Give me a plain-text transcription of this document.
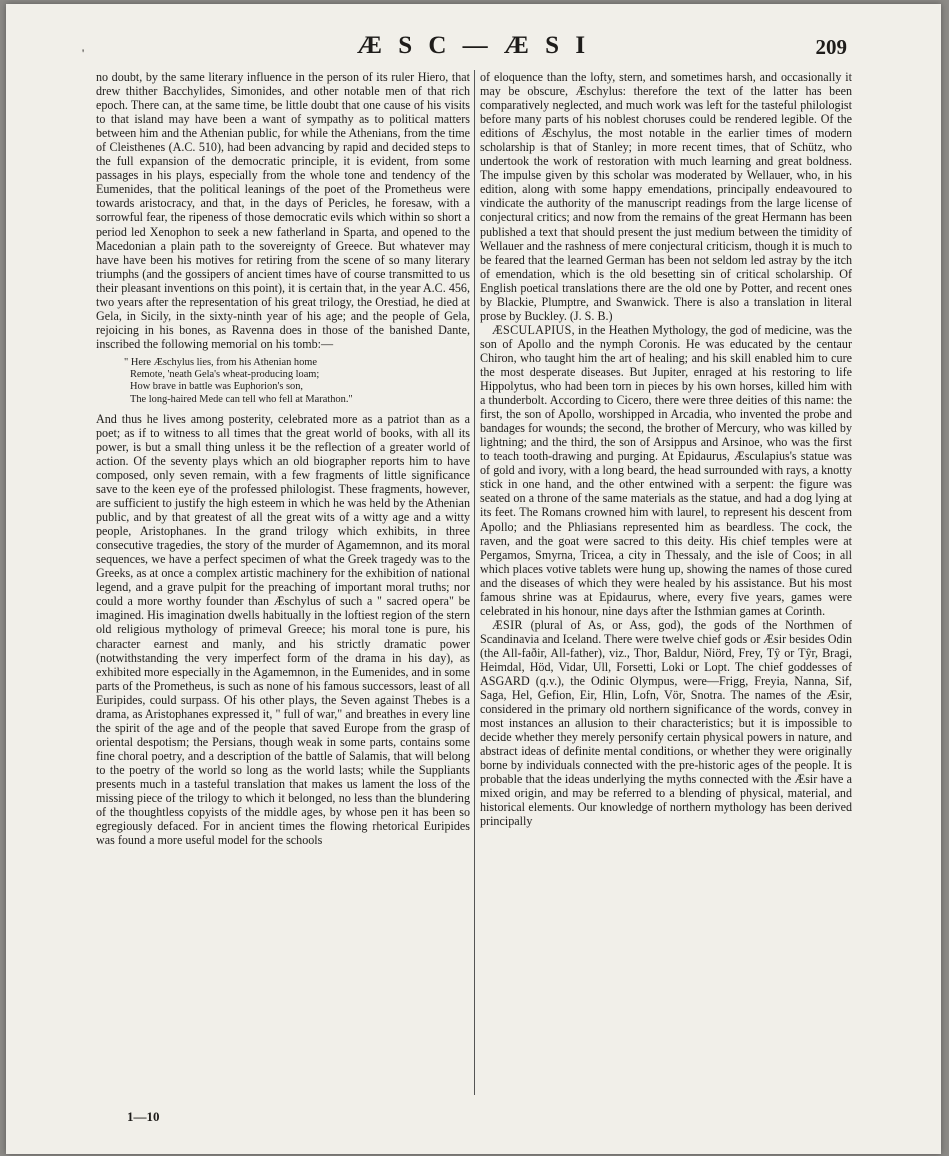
'	Æ S C — Æ S I	209

no doubt, by the same literary influence in the person of its ruler Hiero, that drew thither Bacchylides, Simonides, and other notable men of that rich epoch. There can, at the same time, be little doubt that one cause of his visits to that island may have been a want of sympathy as to political matters between him and the Athenian public, for while the Athenians, from the time of Cleisthenes (A.C. 510), had been advancing by rapid and decided steps to the full expansion of the democratic principle, it is evident, from some passages in his plays, especially from the whole tone and tendency of the Eumenides, that the political leanings of the poet of the Prometheus were towards aristocracy, and that, in the days of Pericles, he foresaw, with a sorrowful fear, the ripeness of those democratic evils which within so short a period led Xenophon to seek a new fatherland in Sparta, and opened to the Macedonian a plain path to the sovereignty of Greece. But whatever may have have been his motives for retiring from the scene of so many literary triumphs (and the gossipers of ancient times have of course transmitted to us their pleasant inventions on this point), it is certain that, in the year A.C. 456, two years after the representation of his great trilogy, the Orestiad, he died at Gela, in Sicily, in the sixty-ninth year of his age; and the people of Gela, rejoicing in his bones, as Ravenna does in those of the banished Dante, inscribed the following memorial on his tomb:—

" Here Æschylus lies, from his Athenian home
Remote, 'neath Gela's wheat-producing loam;
How brave in battle was Euphorion's son,
The long-haired Mede can tell who fell at Marathon."

And thus he lives among posterity, celebrated more as a patriot than as a poet; as if to witness to all times that the great world of books, with all its power, is but a small thing unless it be the reflection of a greater world of action. Of the seventy plays which an old biographer reports him to have composed, only seven remain, with a few fragments of little significance save to the keen eye of the professed philologist. These fragments, however, are sufficient to justify the high esteem in which he was held by the Athenian public, and by that greatest of all the great wits of a witty age and a witty people, Aristophanes. In the grand trilogy which exhibits, in three consecutive tragedies, the story of the murder of Agamemnon, and its moral sequences, we have a perfect specimen of what the Greek tragedy was to the Greeks, as at once a complex artistic machinery for the exhibition of national legend, and a grave pulpit for the preaching of important moral truths; nor could a more worthy founder than Æschylus of such a " sacred opera" be imagined. His imagination dwells habitually in the loftiest region of the stern old religious mythology of primeval Greece; his moral tone is pure, his character earnest and manly, and his strictly dramatic power (notwithstanding the very imperfect form of the drama in his day), as exhibited more especially in the Agamemnon, in the Eumenides, and in some parts of the Prometheus, is such as none of his famous successors, least of all Euripides, could surpass. Of his other plays, the Seven against Thebes is a drama, as Aristophanes expressed it, " full of war," and breathes in every line the spirit of the age and of the people that saved Europe from the grasp of oriental despotism; the Persians, though weak in some parts, contains some fine choral poetry, and a description of the battle of Salamis, that will belong to the poetry of the world so long as the world lasts; while the Suppliants presents much in a tasteful translation that makes us lament the loss of the missing piece of the trilogy to which it belonged, no less than the blundering of the thoughtless copyists of the middle ages, by whose pen it has been so egregiously defaced. For in ancient times the flowing rhetorical Euripides was found a more useful model for the schools

of eloquence than the lofty, stern, and sometimes harsh, and occasionally it may be obscure, Æschylus: therefore the text of the latter has been comparatively neglected, and much work was left for the tasteful philologist before many parts of his noblest choruses could be rendered legible. Of the editions of Æschylus, the most notable in the earlier times of modern scholarship is that of Stanley; in more recent times, that of Schütz, who undertook the work of restoration with much learning and great boldness. The impulse given by this scholar was moderated by Wellauer, who, in his edition, along with some happy emendations, principally endeavoured to vindicate the authority of the manuscript readings from the large license of conjectural critics; and now from the remains of the great Hermann has been published a text that should present the just medium between the timidity of Wellauer and the rashness of mere conjectural criticism, though it is much to be feared that the learned German has been not seldom led astray by the itch of emendation, which is the old besetting sin of critical scholarship. Of English poetical translations there are the old one by Potter, and recent ones by Blackie, Plumptre, and Swanwick. There is also a translation in literal prose by Buckley. (J. S. B.)

ÆSCULAPIUS, in the Heathen Mythology, the god of medicine, was the son of Apollo and the nymph Coronis. He was educated by the centaur Chiron, who taught him the art of healing; and his skill enabled him to cure the most desperate diseases. But Jupiter, enraged at his restoring to life Hippolytus, who had been torn in pieces by his own horses, killed him with a thunderbolt. According to Cicero, there were three deities of this name: the first, the son of Apollo, worshipped in Arcadia, who invented the probe and bandages for wounds; the second, the brother of Mercury, who was killed by lightning; and the third, the son of Arsippus and Arsinoe, who was the first to teach tooth-drawing and purging. At Epidaurus, Æsculapius's statue was of gold and ivory, with a long beard, the head surrounded with rays, a knotty stick in one hand, and the other entwined with a serpent: the figure was seated on a throne of the same materials as the statue, and had a dog lying at its feet. The Romans crowned him with laurel, to represent his descent from Apollo; and the Phliasians represented him as beardless. The cock, the raven, and the goat were sacred to this deity. His chief temples were at Pergamos, Smyrna, Tricea, a city in Thessaly, and the isle of Coos; in all which places votive tablets were hung up, showing the names of those cured and the diseases of which they were healed by his assistance. But his most famous shrine was at Epidaurus, where, every five years, games were celebrated in his honour, nine days after the Isthmian games at Corinth.

ÆSIR (plural of As, or Ass, god), the gods of the Northmen of Scandinavia and Iceland. There were twelve chief gods or Æsir besides Odin (the All-faðir, All-father), viz., Thor, Baldur, Niörd, Frey, Tŷ or Tŷr, Bragi, Heimdal, Höd, Vidar, Ull, Forsetti, Loki or Lopt. The chief goddesses of ASGARD (q.v.), the Odinic Olympus, were—Frigg, Freyia, Nanna, Sif, Saga, Hel, Gefion, Eir, Hlin, Lofn, Vör, Snotra. The names of the Æsir, considered in the primary old northern significance of the words, convey in most instances an allusion to their characteristics; but it is impossible to decide whether they merely personify certain physical powers in nature, and abstract ideas of definite mental conditions, or whether they were originally borne by individuals connected with the pre-historic ages of the people. It is probable that the ideas underlying the myths connected with the Æsir have a mixed origin, and may be referred to a blending of physical, material, and historical elements. Our knowledge of northern mythology has been derived principally

1—10
